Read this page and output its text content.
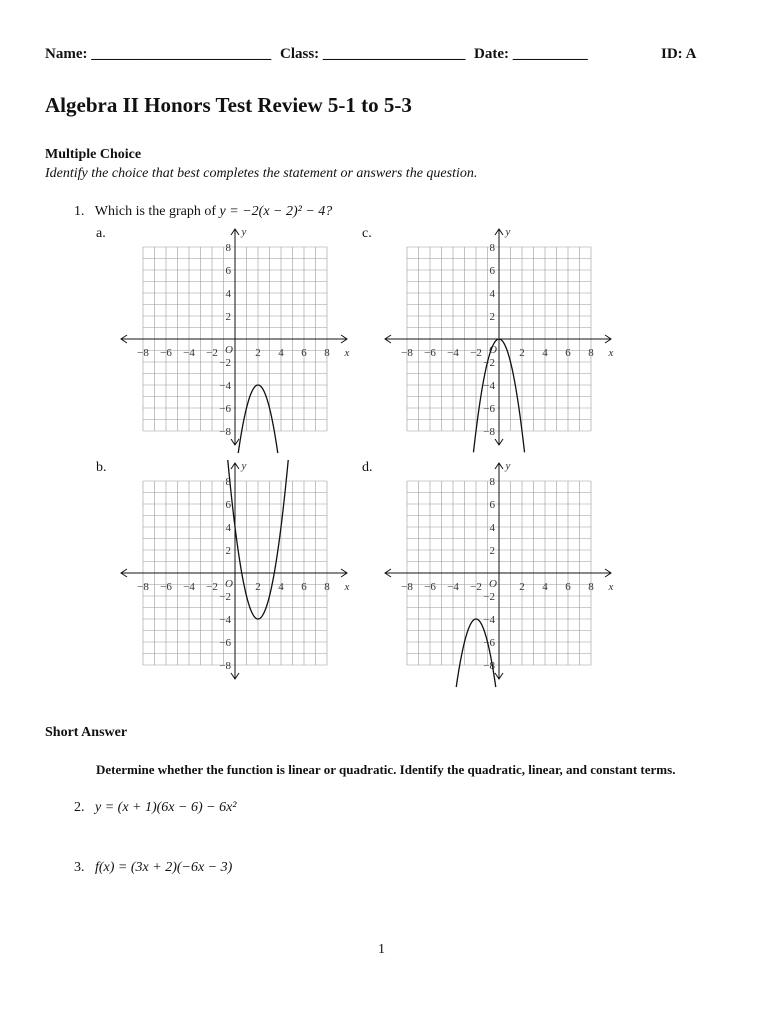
Name: ________________________ Class: ___________________ Date: __________	ID: A
Algebra II Honors Test Review 5-1 to 5-3
Multiple Choice
Identify the choice that best completes the statement or answers the question.
1. Which is the graph of y = −2(x − 2)² − 4?
a.	c.
b.	d.
x
y
O
−8 −6 −4 −2	2 4 6 8
8
6
4
2
−2
−4
−6
−8
x
y
O
−8 −6 −4 −2	2 4 6 8
8
6
4
2
−2
−4
−6
−8
x
y
O
−8 −6 −4 −2	2 4 6 8
8
6
4
2
−2
−4
−6
−8
x
y
O
−8 −6 −4 −2	2 4 6 8
8
6
4
2
−2
−4
−6
−8
Short Answer
Determine whether the function is linear or quadratic. Identify the quadratic, linear, and constant terms.
2. y = (x + 1)(6x − 6) − 6x²
3. f(x) = (3x + 2)(−6x − 3)
1
